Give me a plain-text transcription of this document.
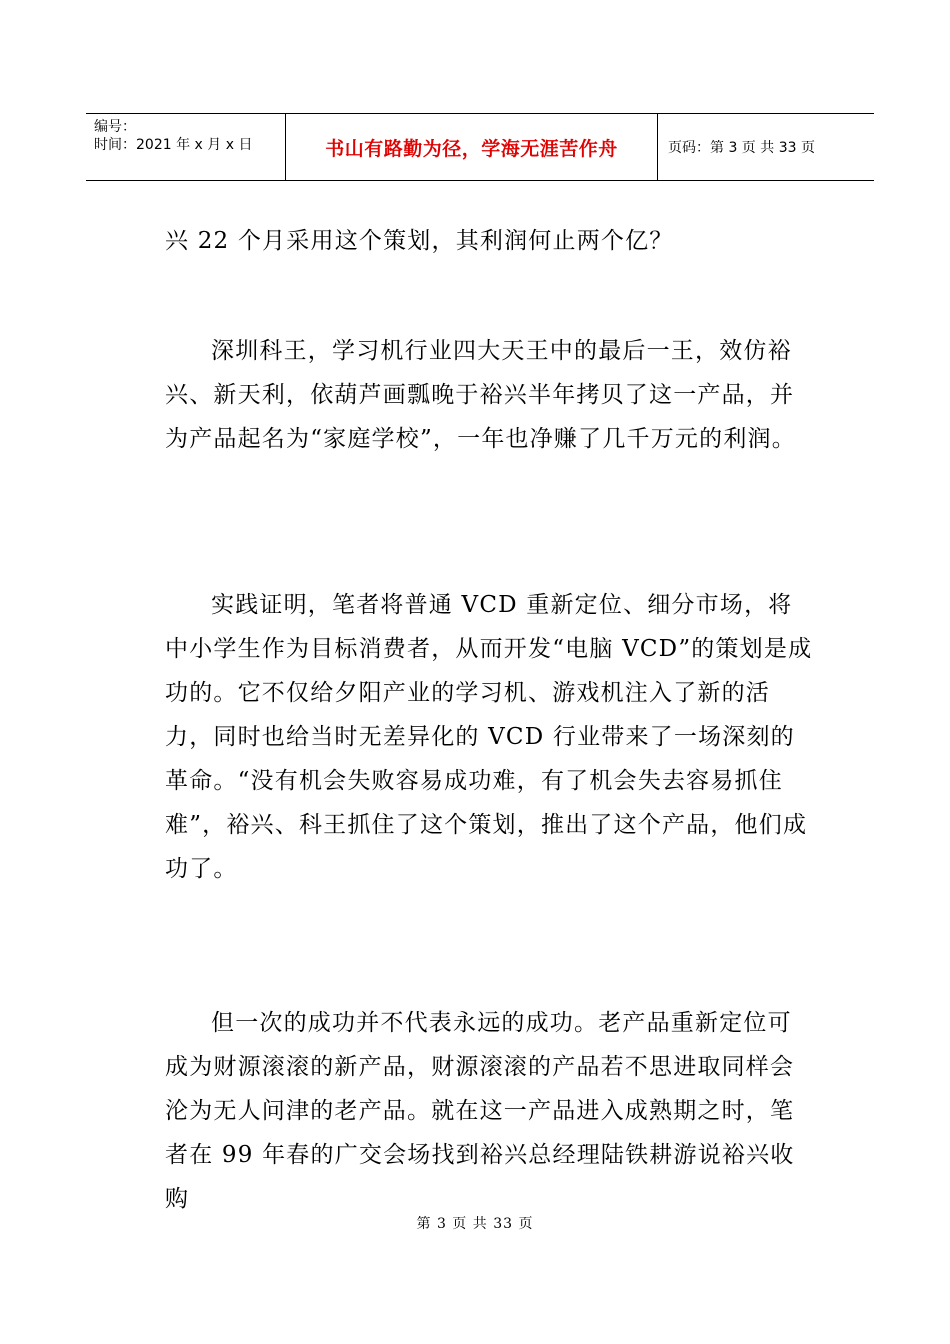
编号：
时间：2021 年 x 月 x 日	书山有路勤为径，学海无涯苦作舟	页码：第 3 页 共 33 页

兴 22 个月采用这个策划，其利润何止两个亿？

深圳科王，学习机行业四大天王中的最后一王，效仿裕兴、新天利，依葫芦画瓢晚于裕兴半年拷贝了这一产品，并为产品起名为“家庭学校”，一年也净赚了几千万元的利润。

实践证明，笔者将普通 VCD 重新定位、细分市场，将中小学生作为目标消费者，从而开发“电脑 VCD”的策划是成功的。它不仅给夕阳产业的学习机、游戏机注入了新的活力，同时也给当时无差异化的 VCD 行业带来了一场深刻的革命。“没有机会失败容易成功难，有了机会失去容易抓住难”，裕兴、科王抓住了这个策划，推出了这个产品，他们成功了。

但一次的成功并不代表永远的成功。老产品重新定位可成为财源滚滚的新产品，财源滚滚的产品若不思进取同样会沦为无人问津的老产品。就在这一产品进入成熟期之时，笔者在 99 年春的广交会场找到裕兴总经理陆铁耕游说裕兴收购

第 3 页 共 33 页
